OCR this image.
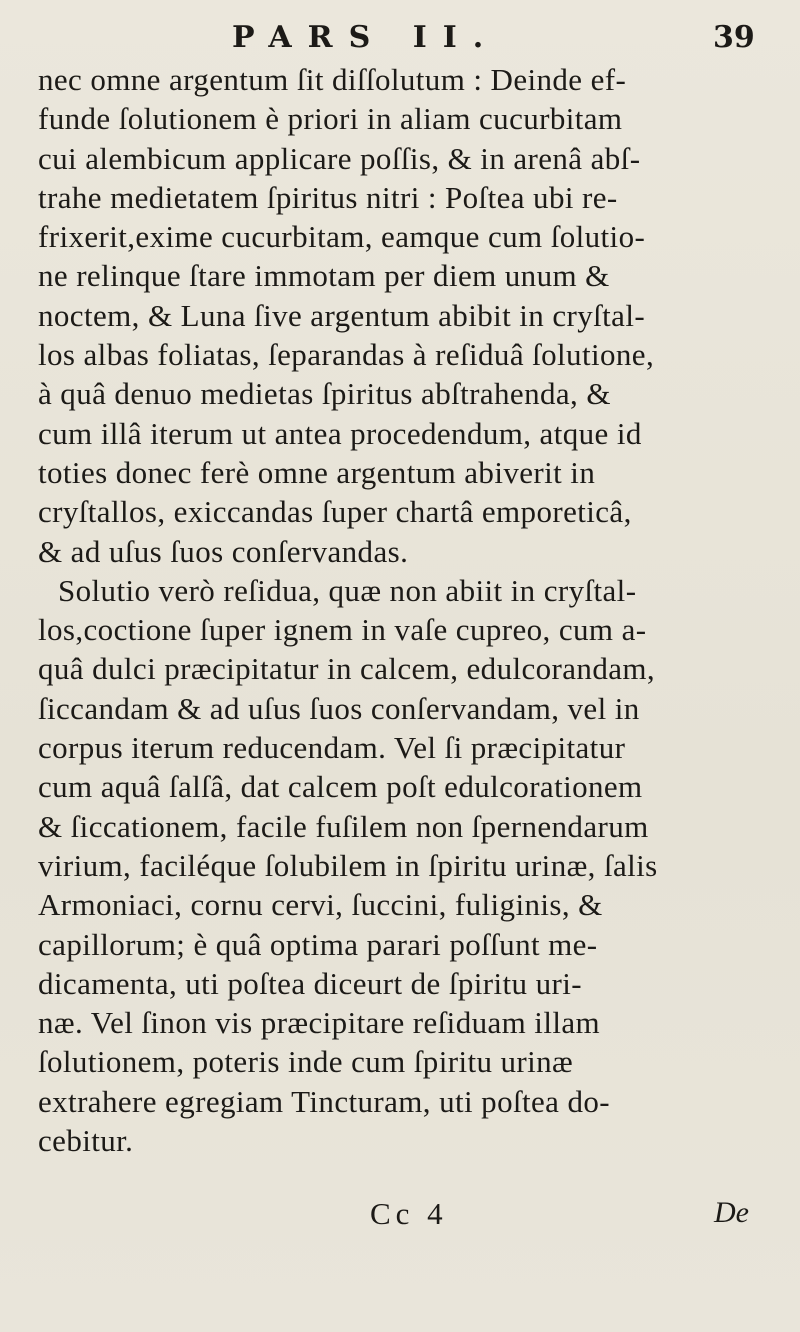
PARS II.	39
nec omne argentum ſit diſſolutum : Deinde ef-
funde ſolutionem è priori in aliam cucurbitam
cui alembicum applicare poſſis, & in arenâ abſ-
trahe medietatem ſpiritus nitri : Poſtea ubi re-
frixerit,exime cucurbitam, eamque cum ſolutio-
ne relinque ſtare immotam per diem unum &
noctem, & Luna ſive argentum abibit in cryſtal-
los albas foliatas, ſeparandas à reſiduâ ſolutione,
à quâ denuo medietas ſpiritus abſtrahenda, &
cum illâ iterum ut antea procedendum, atque id
toties donec ferè omne argentum abiverit in
cryſtallos, exiccandas ſuper chartâ emporeticâ,
& ad uſus ſuos conſervandas.
Solutio verò reſidua, quæ non abiit in cryſtal-
los,coctione ſuper ignem in vaſe cupreo, cum a-
quâ dulci præcipitatur in calcem, edulcorandam,
ſiccandam & ad uſus ſuos conſervandam, vel in
corpus iterum reducendam. Vel ſi præcipitatur
cum aquâ ſalſâ, dat calcem poſt edulcorationem
& ſiccationem, facile fuſilem non ſpernendarum
virium, faciléque ſolubilem in ſpiritu urinæ, ſalis
Armoniaci, cornu cervi, ſuccini, fuliginis, &
capillorum; è quâ optima parari poſſunt me-
dicamenta, uti poſtea diceurt de ſpiritu uri-
næ. Vel ſinon vis præcipitare reſiduam illam
ſolutionem, poteris inde cum ſpiritu urinæ
extrahere egregiam Tincturam, uti poſtea do-
cebitur.
Cc 4	De
